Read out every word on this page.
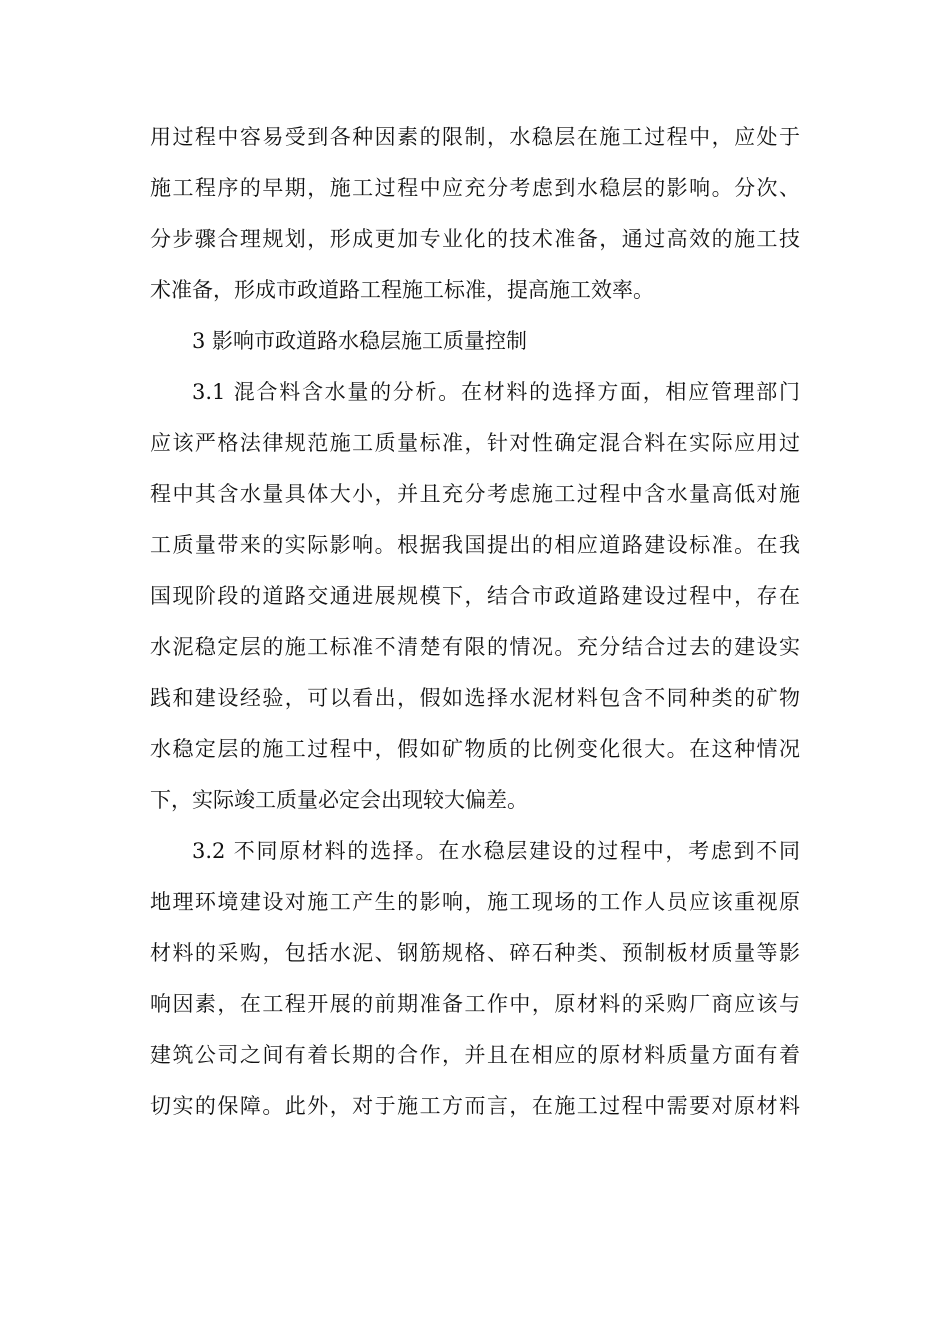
用过程中容易受到各种因素的限制，水稳层在施工过程中，应处于
施工程序的早期，施工过程中应充分考虑到水稳层的影响。分次、
分步骤合理规划，形成更加专业化的技术准备，通过高效的施工技
术准备，形成市政道路工程施工标准，提高施工效率。
3 影响市政道路水稳层施工质量控制
3.1 混合料含水量的分析。在材料的选择方面，相应管理部门
应该严格法律规范施工质量标准，针对性确定混合料在实际应用过
程中其含水量具体大小，并且充分考虑施工过程中含水量高低对施
工质量带来的实际影响。根据我国提出的相应道路建设标准。在我
国现阶段的道路交通进展规模下，结合市政道路建设过程中，存在
水泥稳定层的施工标准不清楚有限的情况。充分结合过去的建设实
践和建设经验，可以看出，假如选择水泥材料包含不同种类的矿物
水稳定层的施工过程中，假如矿物质的比例变化很大。在这种情况
下，实际竣工质量必定会出现较大偏差。
3.2 不同原材料的选择。在水稳层建设的过程中，考虑到不同
地理环境建设对施工产生的影响，施工现场的工作人员应该重视原
材料的采购，包括水泥、钢筋规格、碎石种类、预制板材质量等影
响因素，在工程开展的前期准备工作中，原材料的采购厂商应该与
建筑公司之间有着长期的合作，并且在相应的原材料质量方面有着
切实的保障。此外，对于施工方而言，在施工过程中需要对原材料
